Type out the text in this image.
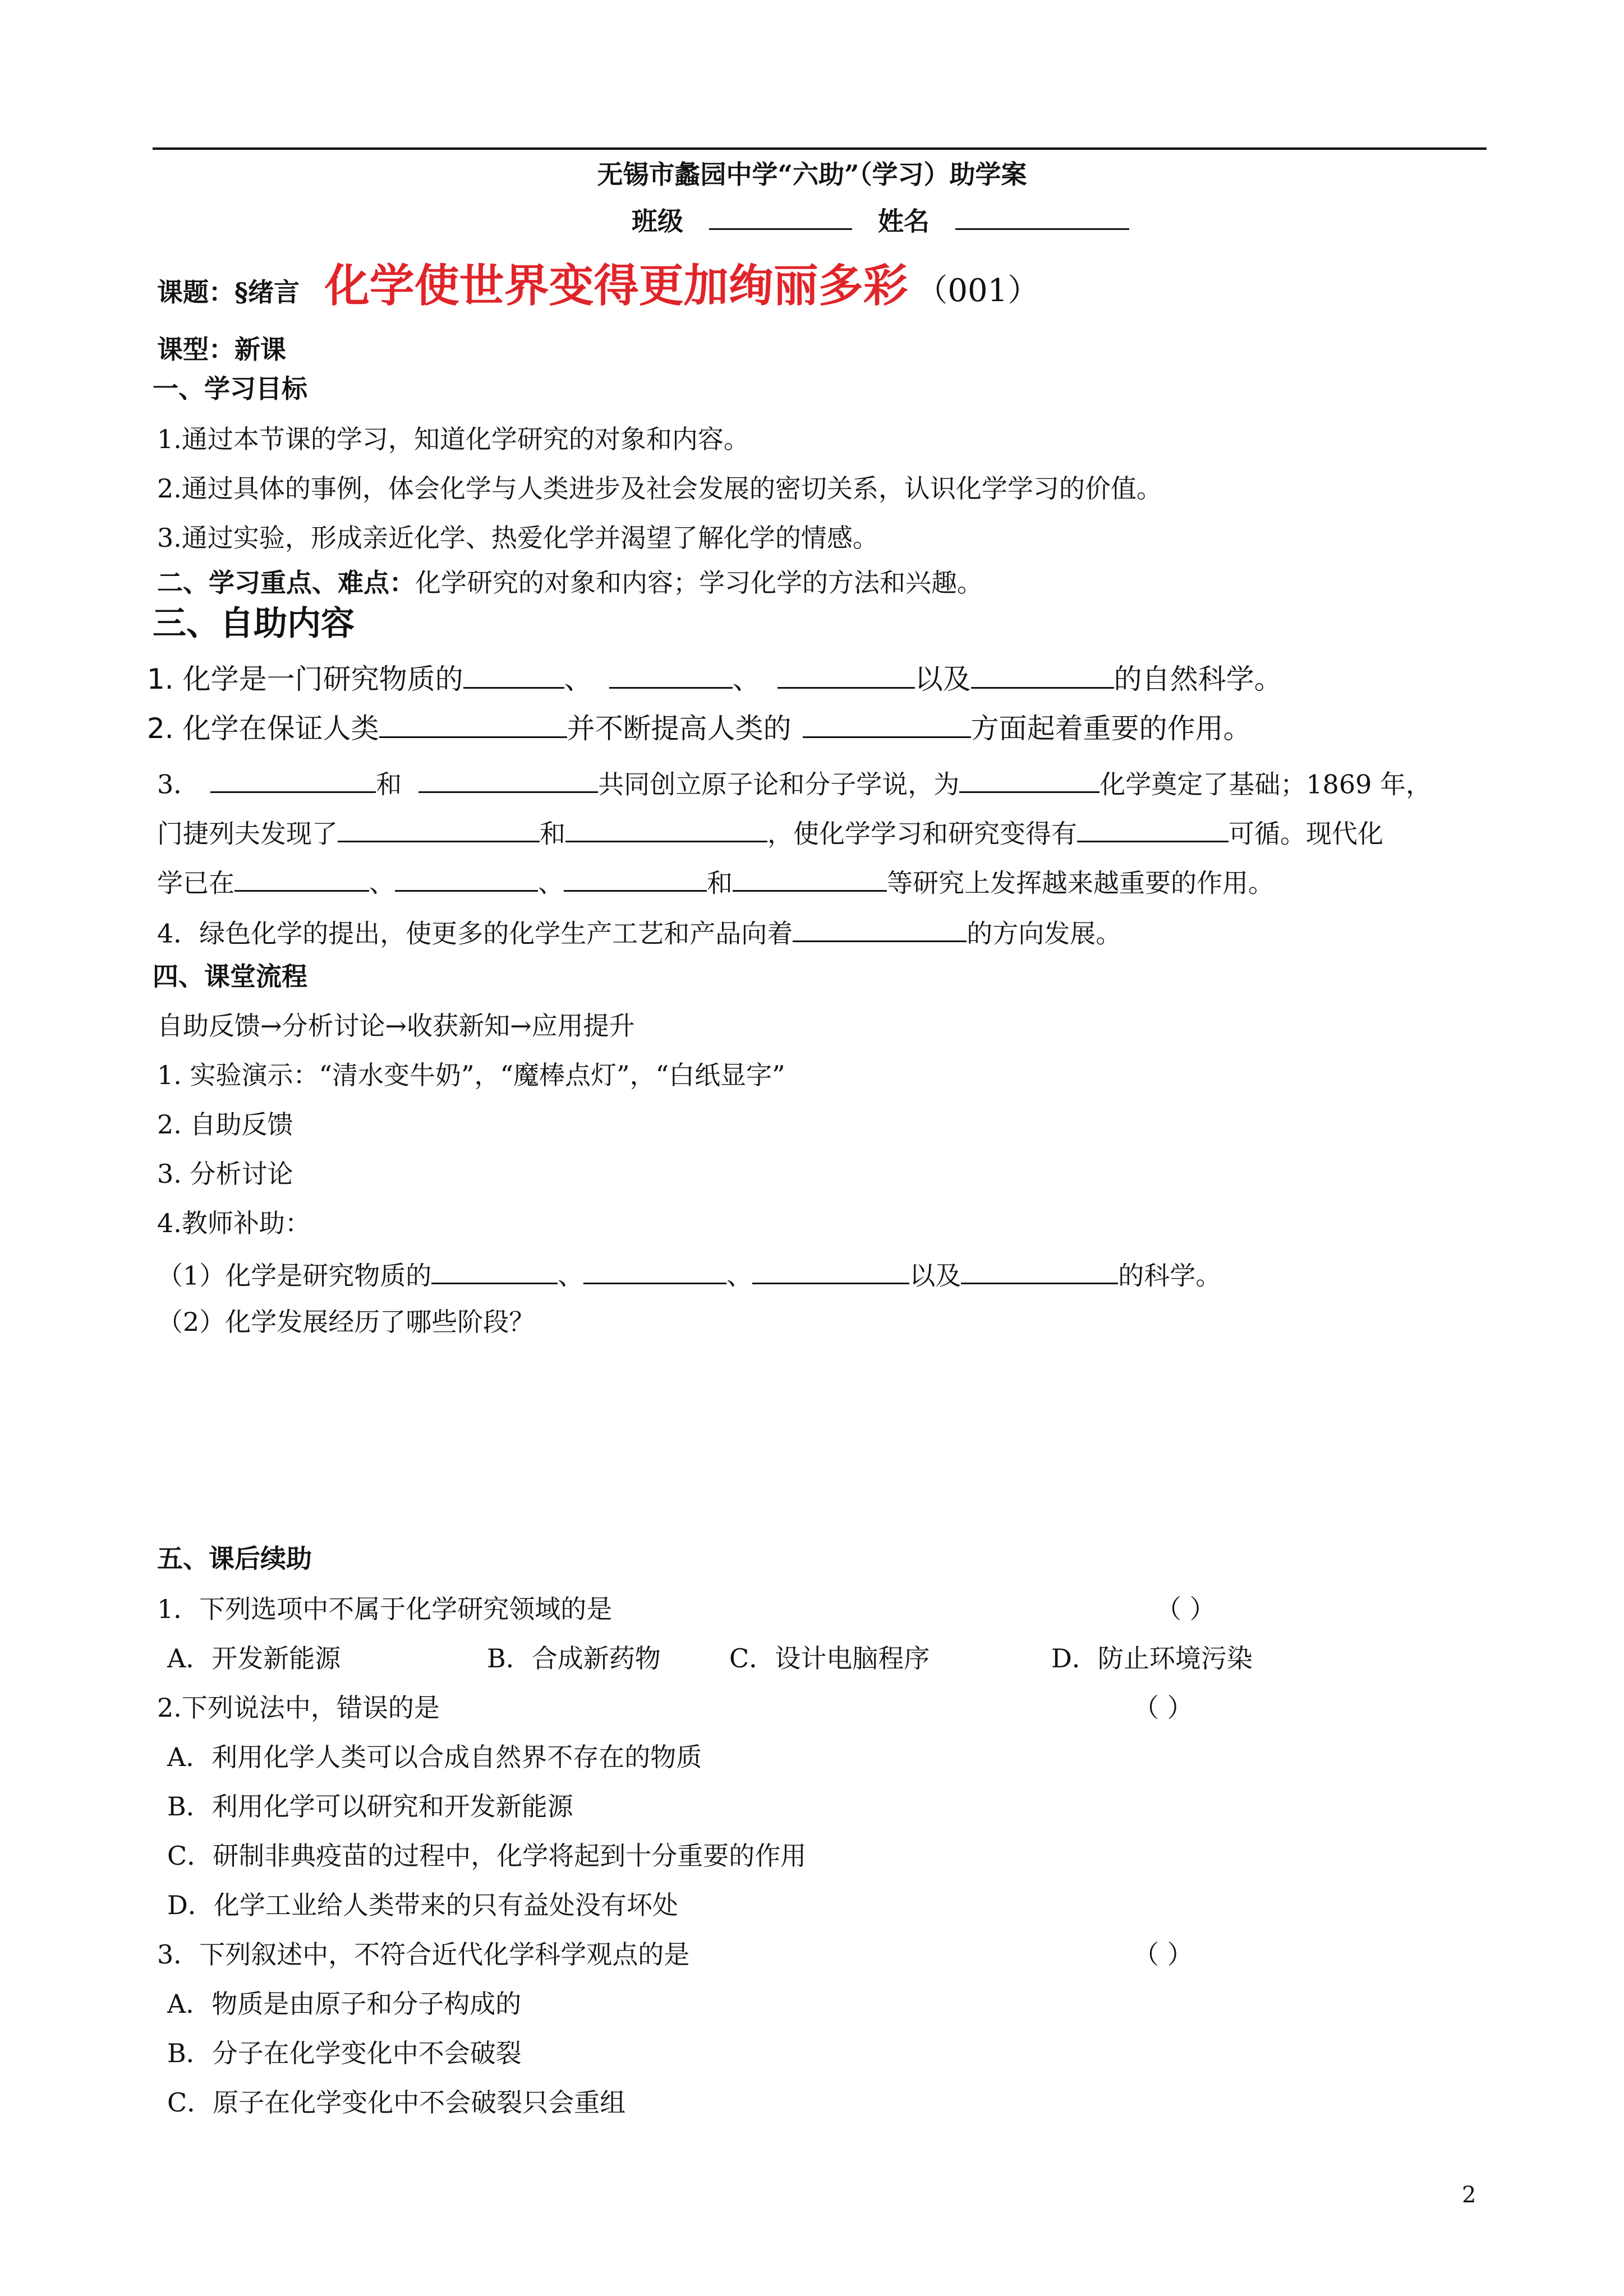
无锡市蠡园中学“六助”（学习）助学案
班级	姓名
课题：§绪言 化学使世界变得更加绚丽多彩 （001）
课型：新课
一、学习目标
1.通过本节课的学习，知道化学研究的对象和内容。
2.通过具体的事例，体会化学与人类进步及社会发展的密切关系，认识化学学习的价值。
3.通过实验，形成亲近化学、热爱化学并渴望了解化学的情感。
二、学习重点、难点：化学研究的对象和内容；学习化学的方法和兴趣。
三、自助内容
1. 化学是一门研究物质的	、	、	以及	的自然科学。
2. 化学在保证人类	并不断提高人类的	方面起着重要的作用。
3．	和	共同创立原子论和分子学说，为	化学奠定了基础；1869 年，
门捷列夫发现了	和	，使化学学习和研究变得有	可循。现代化
学已在	、	、	和	等研究上发挥越来越重要的作用。
4．绿色化学的提出，使更多的化学生产工艺和产品向着	的方向发展。
四、课堂流程
自助反馈→分析讨论→收获新知→应用提升
1. 实验演示：“清水变牛奶”，“魔棒点灯”，“白纸显字”
2. 自助反馈
3. 分析讨论
4.教师补助：
（1）化学是研究物质的	、	、	以及	的科学。
（2）化学发展经历了哪些阶段？
五、课后续助
1．下列选项中不属于化学研究领域的是	（ ）
A．开发新能源	B．合成新药物	C．设计电脑程序	D．防止环境污染
2.下列说法中，错误的是	（ ）
A．利用化学人类可以合成自然界不存在的物质
B．利用化学可以研究和开发新能源
C．研制非典疫苗的过程中，化学将起到十分重要的作用
D．化学工业给人类带来的只有益处没有坏处
3．下列叙述中，不符合近代化学科学观点的是	（ ）
A．物质是由原子和分子构成的
B．分子在化学变化中不会破裂
C．原子在化学变化中不会破裂只会重组
2
